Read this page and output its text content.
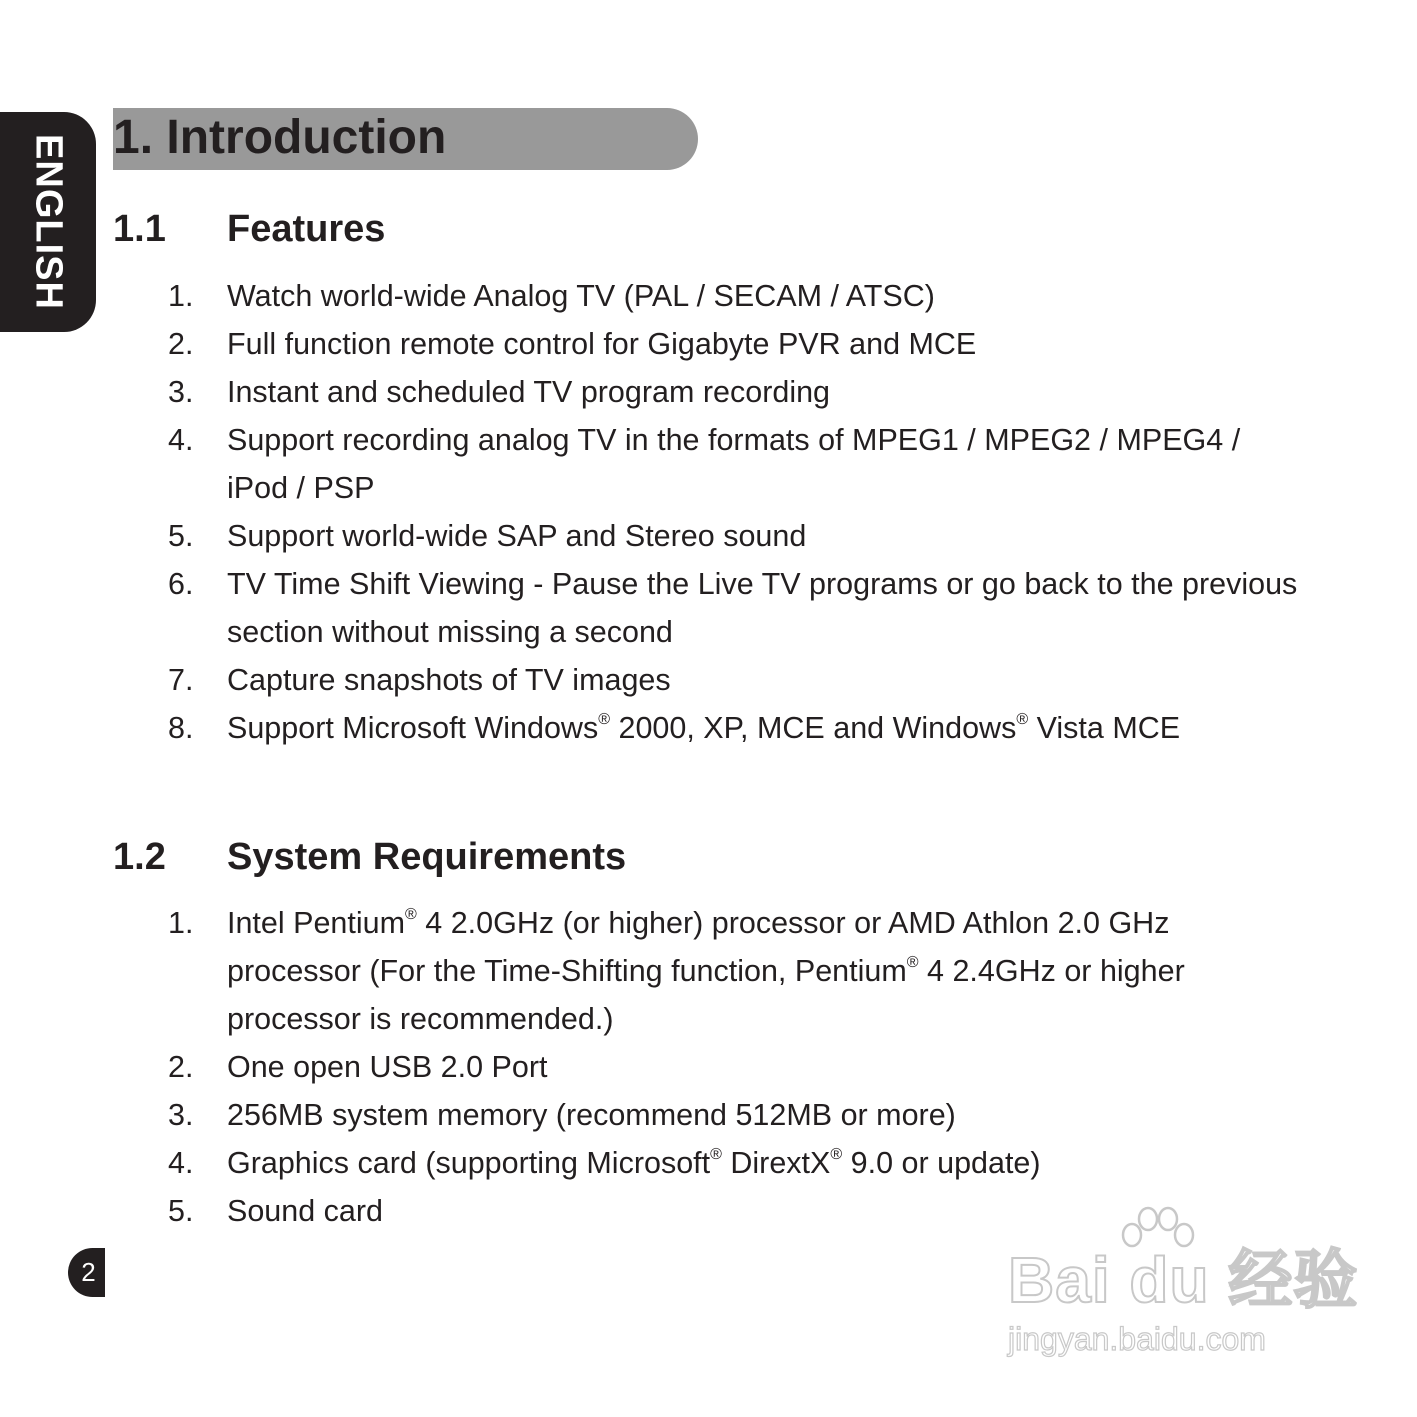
ENGLISH 1. Introduction
1.1 Features
1. Watch world-wide Analog TV (PAL / SECAM / ATSC)
2. Full function remote control for Gigabyte PVR and MCE
3. Instant and scheduled TV program recording
4. Support recording analog TV in the formats of MPEG1 / MPEG2 / MPEG4 / iPod / PSP
5. Support world-wide SAP and Stereo sound
6. TV Time Shift Viewing - Pause the Live TV programs or go back to the previous section without missing a second
7. Capture snapshots of TV images
8. Support Microsoft Windows® 2000, XP, MCE and Windows® Vista MCE
1.2 System Requirements
1. Intel Pentium® 4 2.0GHz (or higher) processor or AMD Athlon 2.0 GHz processor (For the Time-Shifting function, Pentium® 4 2.4GHz or higher processor is recommended.)
2. One open USB 2.0 Port
3. 256MB system memory (recommend 512MB or more)
4. Graphics card (supporting Microsoft® DirextX® 9.0 or update)
5. Sound card
2	Bai du 经验
jingyan.baidu.com
